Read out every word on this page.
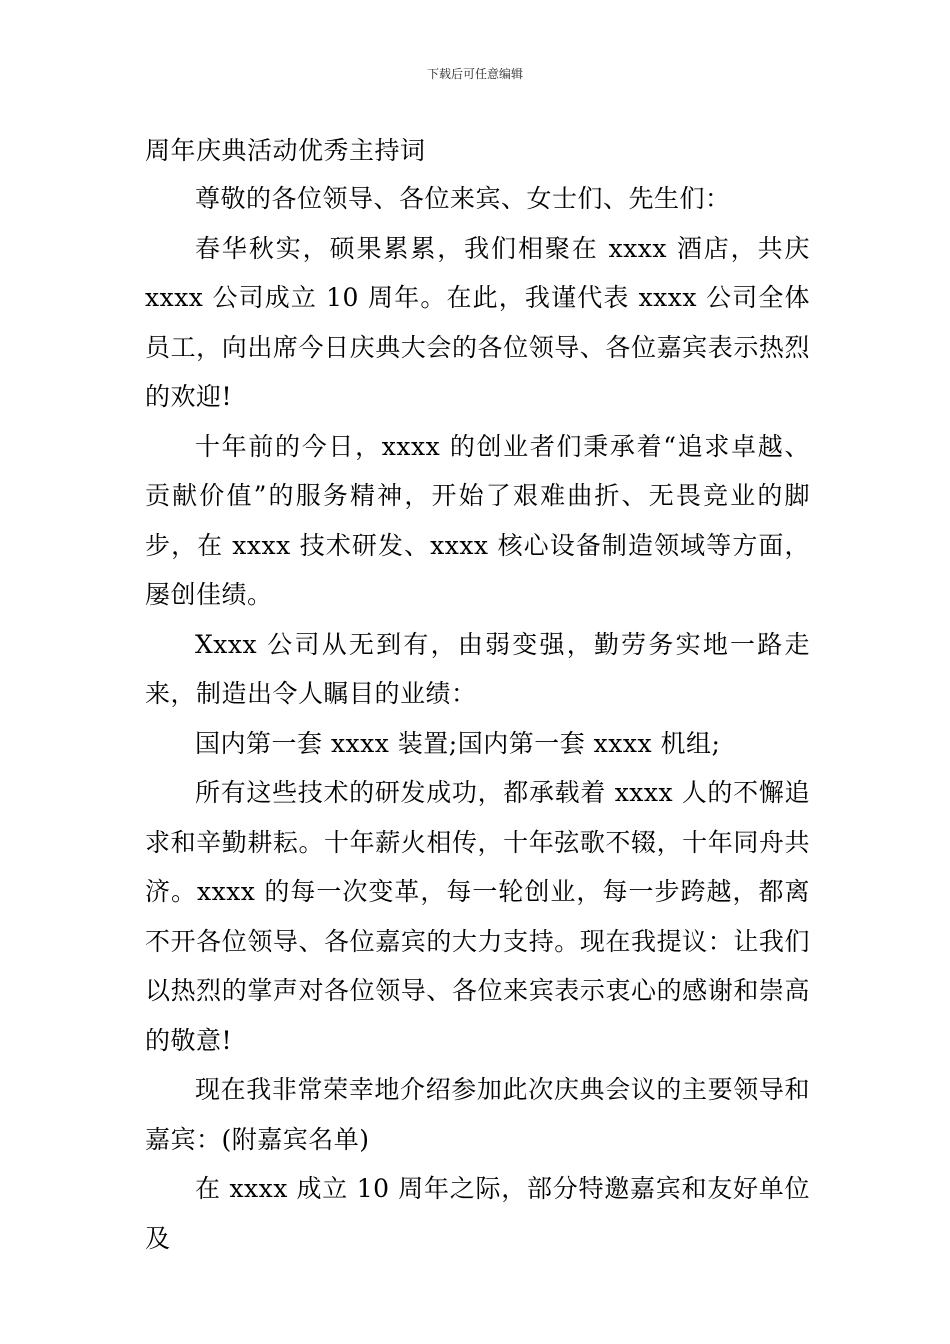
下载后可任意编辑
周年庆典活动优秀主持词

尊敬的各位领导、各位来宾、女士们、先生们：

春华秋实，硕果累累，我们相聚在 xxxx 酒店，共庆 xxxx 公司成立 10 周年。在此，我谨代表 xxxx 公司全体员工，向出席今日庆典大会的各位领导、各位嘉宾表示热烈的欢迎!

十年前的今日，xxxx 的创业者们秉承着“追求卓越、贡献价值”的服务精神，开始了艰难曲折、无畏竞业的脚步，在 xxxx 技术研发、xxxx 核心设备制造领域等方面，屡创佳绩。

Xxxx 公司从无到有，由弱变强，勤劳务实地一路走来，制造出令人瞩目的业绩：

国内第一套 xxxx 装置;国内第一套 xxxx 机组;

所有这些技术的研发成功，都承载着 xxxx 人的不懈追求和辛勤耕耘。十年薪火相传，十年弦歌不辍，十年同舟共济。xxxx 的每一次变革，每一轮创业，每一步跨越，都离不开各位领导、各位嘉宾的大力支持。现在我提议：让我们以热烈的掌声对各位领导、各位来宾表示衷心的感谢和崇高的敬意!

现在我非常荣幸地介绍参加此次庆典会议的主要领导和嘉宾：(附嘉宾名单)

在 xxxx 成立 10 周年之际，部分特邀嘉宾和友好单位及
